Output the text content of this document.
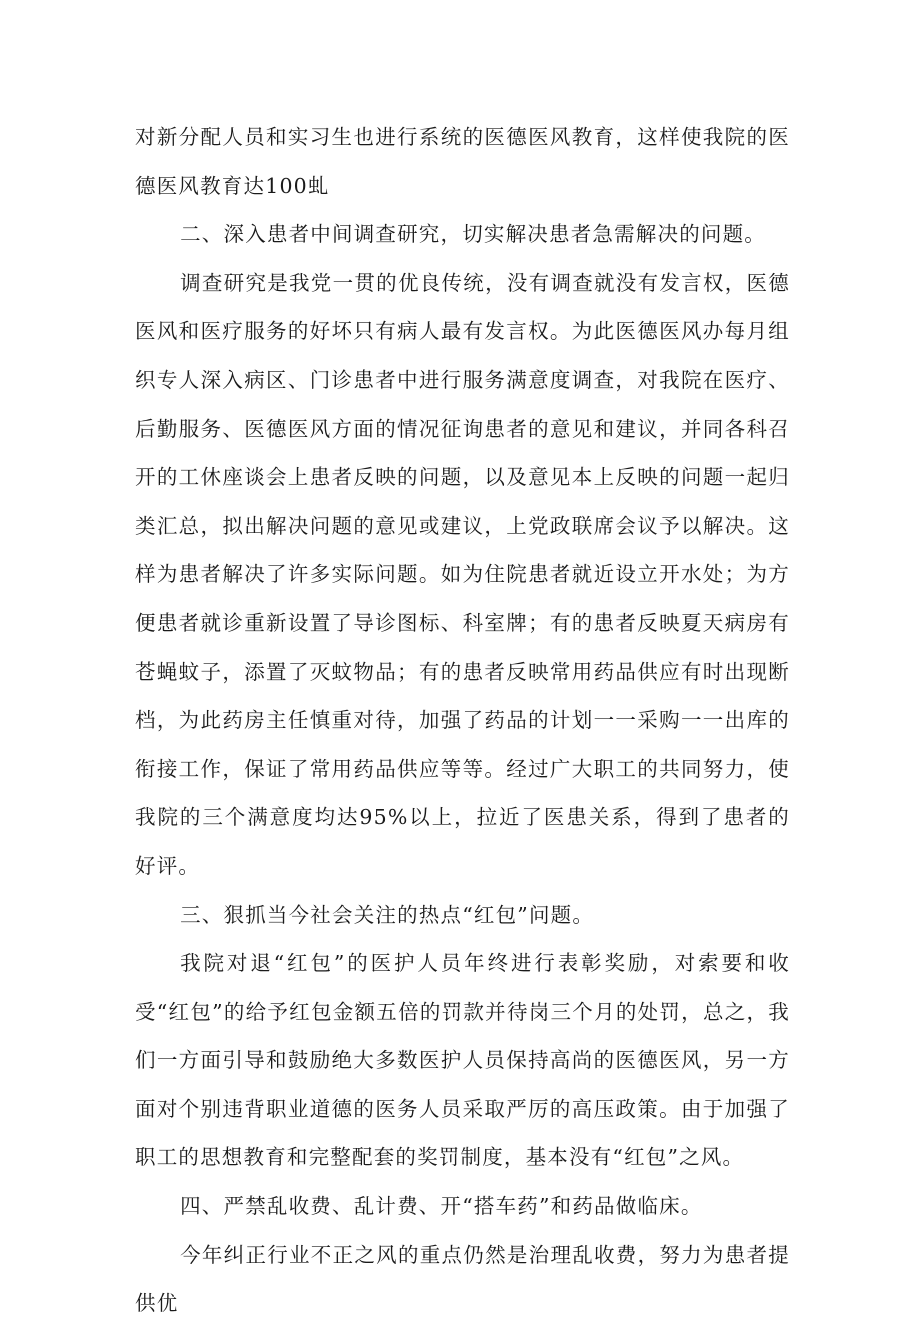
对新分配人员和实习生也进行系统的医德医风教育，这样使我院的医德医风教育达100虬

二、深入患者中间调查研究，切实解决患者急需解决的问题。

调查研究是我党一贯的优良传统，没有调查就没有发言权，医德医风和医疗服务的好坏只有病人最有发言权。为此医德医风办每月组织专人深入病区、门诊患者中进行服务满意度调查，对我院在医疗、后勤服务、医德医风方面的情况征询患者的意见和建议，并同各科召开的工休座谈会上患者反映的问题，以及意见本上反映的问题一起归类汇总，拟出解决问题的意见或建议，上党政联席会议予以解决。这样为患者解决了许多实际问题。如为住院患者就近设立开水处；为方便患者就诊重新设置了导诊图标、科室牌；有的患者反映夏天病房有苍蝇蚊子，添置了灭蚊物品；有的患者反映常用药品供应有时出现断档，为此药房主任慎重对待，加强了药品的计划一一采购一一出库的衔接工作，保证了常用药品供应等等。经过广大职工的共同努力，使我院的三个满意度均达95%以上，拉近了医患关系，得到了患者的好评。

三、狠抓当今社会关注的热点“红包”问题。

我院对退“红包”的医护人员年终进行表彰奖励，对索要和收受“红包”的给予红包金额五倍的罚款并待岗三个月的处罚，总之，我们一方面引导和鼓励绝大多数医护人员保持高尚的医德医风，另一方面对个别违背职业道德的医务人员采取严厉的高压政策。由于加强了职工的思想教育和完整配套的奖罚制度，基本没有“红包”之风。

四、严禁乱收费、乱计费、开“搭车药”和药品做临床。

今年纠正行业不正之风的重点仍然是治理乱收费，努力为患者提供优
